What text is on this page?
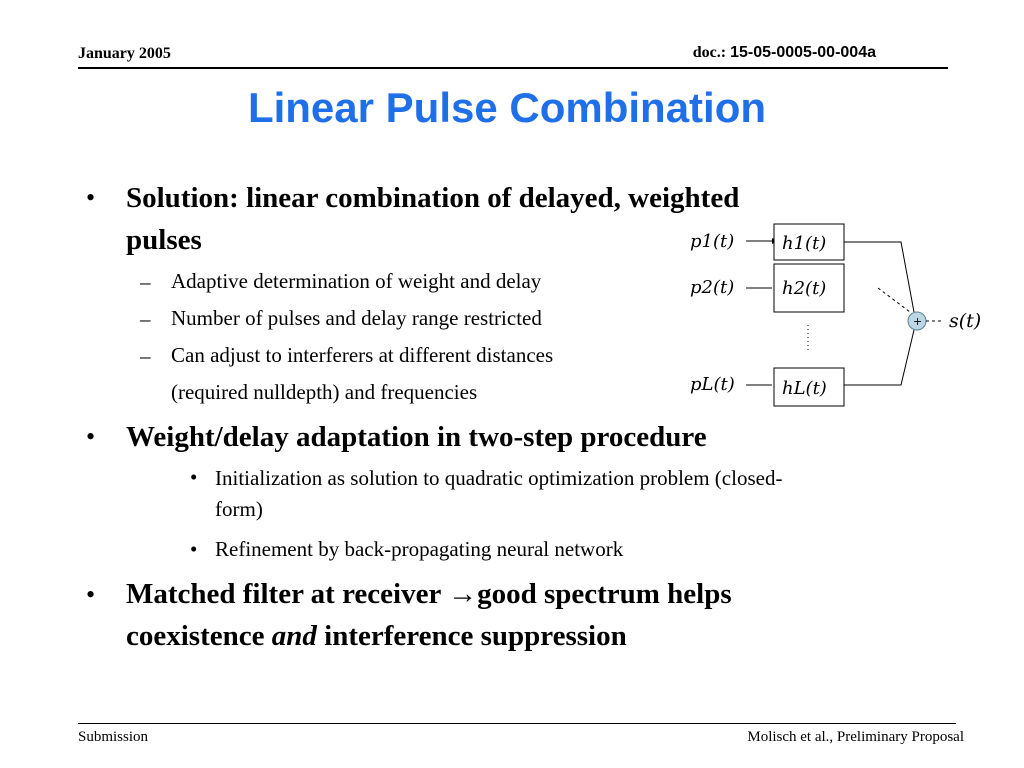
January 2005	doc.: 15-05-0005-00-004a
Linear Pulse Combination
• Solution: linear combination of delayed, weighted
pulses
– Adaptive determination of weight and delay
– Number of pulses and delay range restricted
– Can adjust to interferers at different distances
(required nulldepth) and frequencies
• Weight/delay adaptation in two-step procedure
• Initialization as solution to quadratic optimization problem (closed-
form)
• Refinement by back-propagating neural network
• Matched filter at receiver →good spectrum helps
coexistence and interference suppression
p1(t)
p2(t)
pL(t)
h1(t)
h2(t)
hL(t)
+ s(t)
Submission	Molisch et al., Preliminary Proposal
